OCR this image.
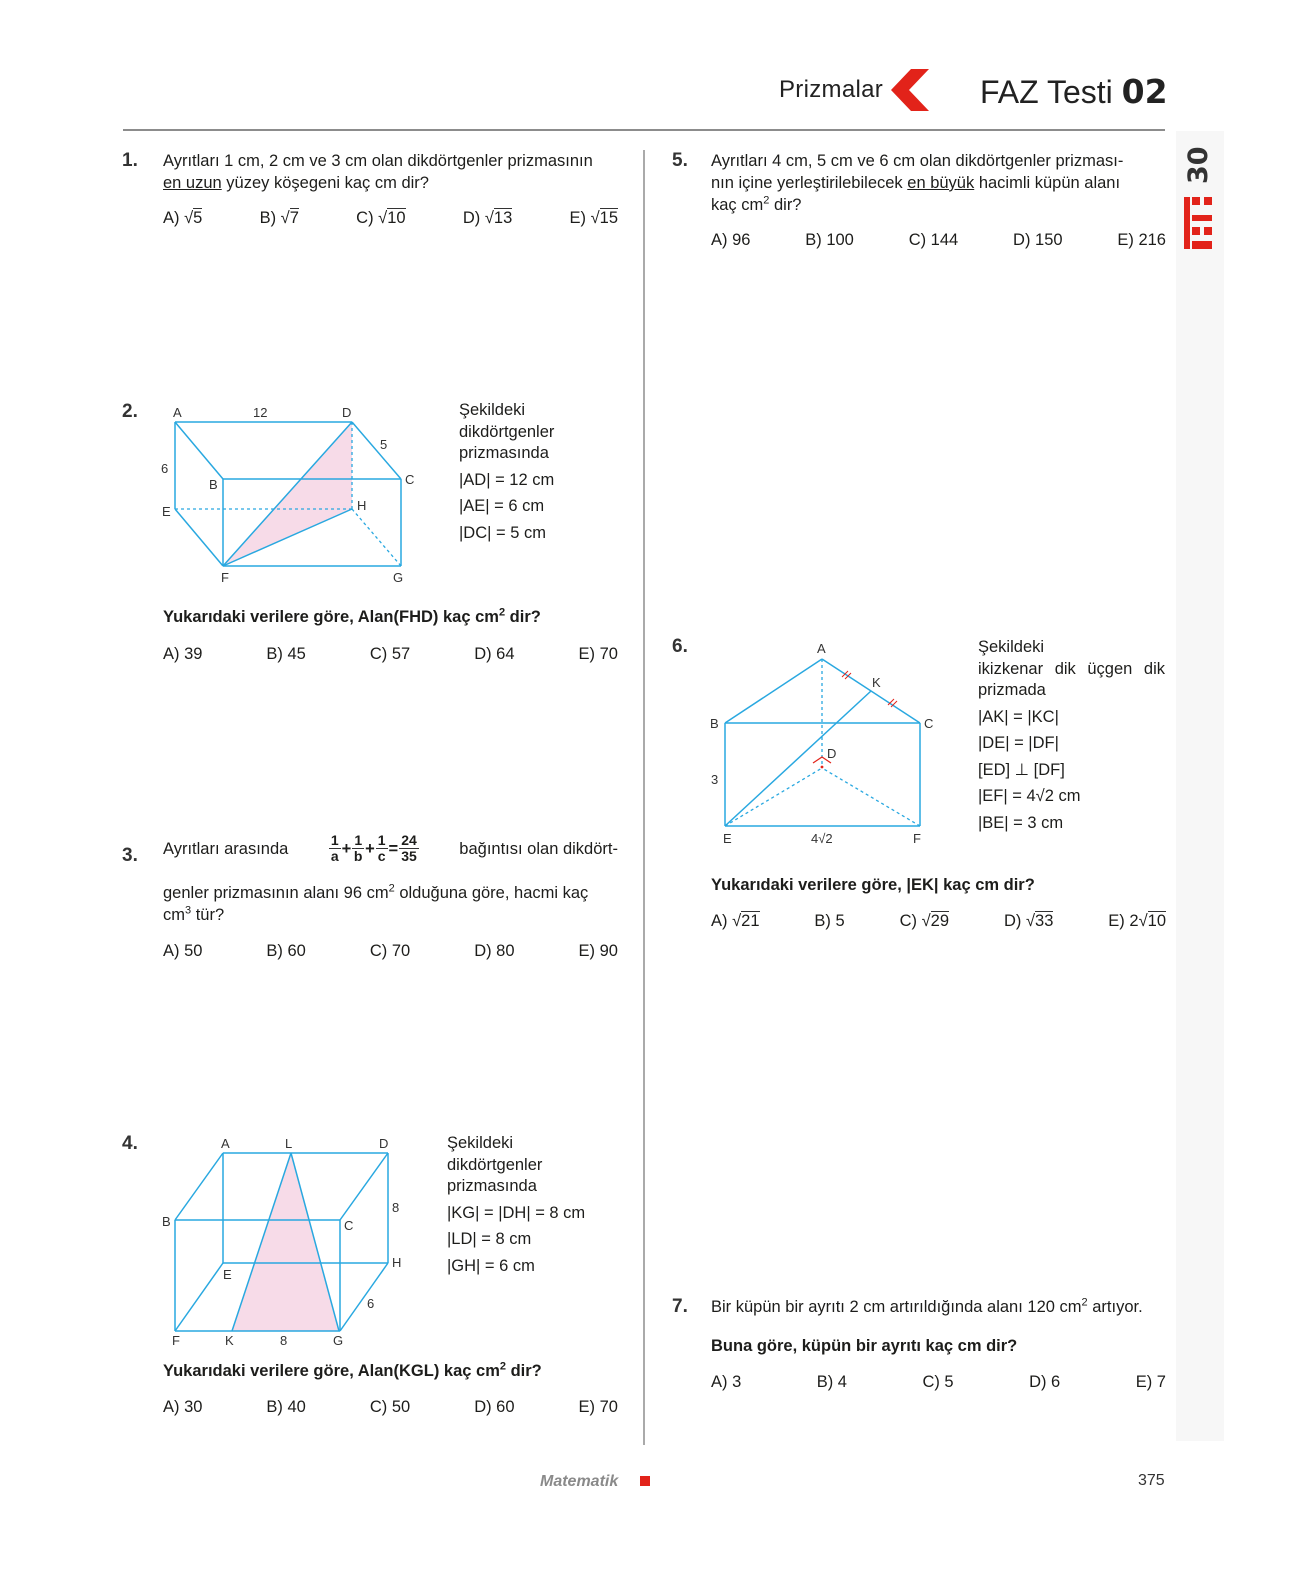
Prizmalar	FAZ Testi 02
30
1. Ayrıtları 1 cm, 2 cm ve 3 cm olan dikdörtgenler prizmasının
en uzun yüzey köşegeni kaç cm dir?
A) √5	B) √7	C) √10	D) √13	E) √15
2.	A	12	D
5
6
B	C
E	H
F	G
Şekildeki
dikdörtgenler
prizmasında
|AD| = 12 cm
|AE| = 6 cm
|DC| = 5 cm
Yukarıdaki verilere göre, Alan(FHD) kaç $cm^2$ dir?
A) 39	B) 45	C) 57	D) 64	E) 70
3. Ayrıtları arasında	$\frac{1}{a} + \frac{1}{b} + \frac{1}{c} = \frac{24}{35}$ bağıntısı olan dikdört-
genler prizmasının alanı 96 $cm^2$ olduğuna göre, hacmi kaç
$cm^3$ tür?
A) 50	B) 60	C) 70	D) 80	E) 90
4.	A	L	D
B	C
8
E
H
6
F	K	8	G
Şekildeki
dikdörtgenler
prizmasında
|KG| = |DH| = 8 cm
|LD| = 8 cm
|GH| = 6 cm
Yukarıdaki verilere göre, Alan(KGL) kaç $cm^2$ dir?
A) 30	B) 40	C) 50	D) 60	E) 70
5. Ayrıtları 4 cm, 5 cm ve 6 cm olan dikdörtgenler prizması-
nın içine yerleştirilebilecek en büyük hacimli küpün alanı
kaç $cm^2$ dir?
A) 96	B) 100	C) 144	D) 150	E) 216
6.	A
K
B	C
D
3
E	4√2	F
Şekildeki
ikizkenar dik üçgen dik
prizmada
|AK| = |KC|
|DE| = |DF|
[ED] ⊥ [DF]
|EF| = 4√2 cm
|BE| = 3 cm
Yukarıdaki verilere göre, |EK| kaç cm dir?
A) √21	B) 5	C) √29	D) √33	E) 2√10
7. Bir küpün bir ayrıtı 2 cm artırıldığında alanı 120 $cm^2$ artıyor.
Buna göre, küpün bir ayrıtı kaç cm dir?
A) 3	B) 4	C) 5	D) 6	E) 7
Matematik	375
